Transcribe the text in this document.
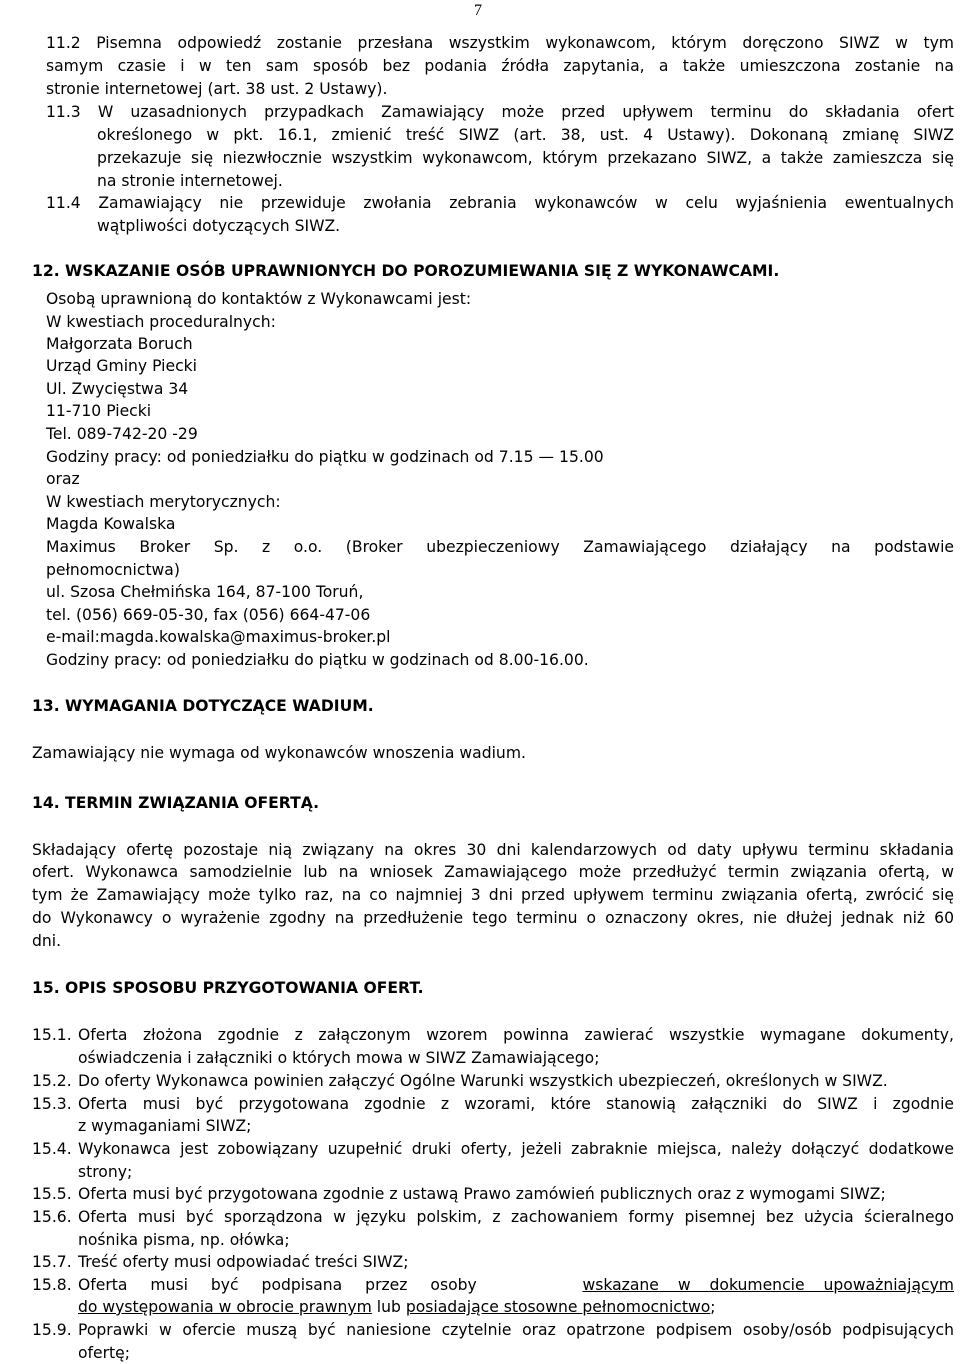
7
11.2 Pisemna odpowiedź zostanie przesłana wszystkim wykonawcom, którym doręczono SIWZ w tym
samym czasie i w ten sam sposób bez podania źródła zapytania, a także umieszczona zostanie na
stronie internetowej (art. 38 ust. 2 Ustawy).
11.3 W uzasadnionych przypadkach Zamawiający może przed upływem terminu do składania ofert
określonego w pkt. 16.1, zmienić treść SIWZ (art. 38, ust. 4 Ustawy). Dokonaną zmianę SIWZ
przekazuje się niezwłocznie wszystkim wykonawcom, którym przekazano SIWZ, a także zamieszcza się
na stronie internetowej.
11.4 Zamawiający nie przewiduje zwołania zebrania wykonawców w celu wyjaśnienia ewentualnych
wątpliwości dotyczących SIWZ.
12. WSKAZANIE OSÓB UPRAWNIONYCH DO POROZUMIEWANIA SIĘ Z WYKONAWCAMI.
Osobą uprawnioną do kontaktów z Wykonawcami jest:
W kwestiach proceduralnych:
Małgorzata Boruch
Urząd Gminy Piecki
Ul. Zwycięstwa 34
11-710 Piecki
Tel. 089-742-20 -29
Godziny pracy: od poniedziałku do piątku w godzinach od 7.15 — 15.00
oraz
W kwestiach merytorycznych:
Magda Kowalska
Maximus Broker Sp. z o.o. (Broker ubezpieczeniowy Zamawiającego działający na podstawie
pełnomocnictwa)
ul. Szosa Chełmińska 164, 87-100 Toruń,
tel. (056) 669-05-30, fax (056) 664-47-06
e-mail:magda.kowalska@maximus-broker.pl
Godziny pracy: od poniedziałku do piątku w godzinach od 8.00-16.00.
13. WYMAGANIA DOTYCZĄCE WADIUM.
Zamawiający nie wymaga od wykonawców wnoszenia wadium.
14. TERMIN ZWIĄZANIA OFERTĄ.
Składający ofertę pozostaje nią związany na okres 30 dni kalendarzowych od daty upływu terminu składania
ofert. Wykonawca samodzielnie lub na wniosek Zamawiającego może przedłużyć termin związania ofertą, w
tym że Zamawiający może tylko raz, na co najmniej 3 dni przed upływem terminu związania ofertą, zwrócić się
do Wykonawcy o wyrażenie zgodny na przedłużenie tego terminu o oznaczony okres, nie dłużej jednak niż 60
dni.
15. OPIS SPOSOBU PRZYGOTOWANIA OFERT.
15.1. Oferta złożona zgodnie z załączonym wzorem powinna zawierać wszystkie wymagane dokumenty,
oświadczenia i załączniki o których mowa w SIWZ Zamawiającego;
15.2. Do oferty Wykonawca powinien załączyć Ogólne Warunki wszystkich ubezpieczeń, określonych w SIWZ.
15.3. Oferta musi być przygotowana zgodnie z wzorami, które stanowią załączniki do SIWZ i zgodnie
z wymaganiami SIWZ;
15.4. Wykonawca jest zobowiązany uzupełnić druki oferty, jeżeli zabraknie miejsca, należy dołączyć dodatkowe
strony;
15.5. Oferta musi być przygotowana zgodnie z ustawą Prawo zamówień publicznych oraz z wymogami SIWZ;
15.6. Oferta musi być sporządzona w języku polskim, z zachowaniem formy pisemnej bez użycia ścieralnego
nośnika pisma, np. ołówka;
15.7. Treść oferty musi odpowiadać treści SIWZ;
15.8. Oferta musi być podpisana przez osoby	wskazane w dokumencie upoważniającym
do występowania w obrocie prawnym lub posiadające stosowne pełnomocnictwo;
15.9. Poprawki w ofercie muszą być naniesione czytelnie oraz opatrzone podpisem osoby/osób podpisujących
ofertę;
